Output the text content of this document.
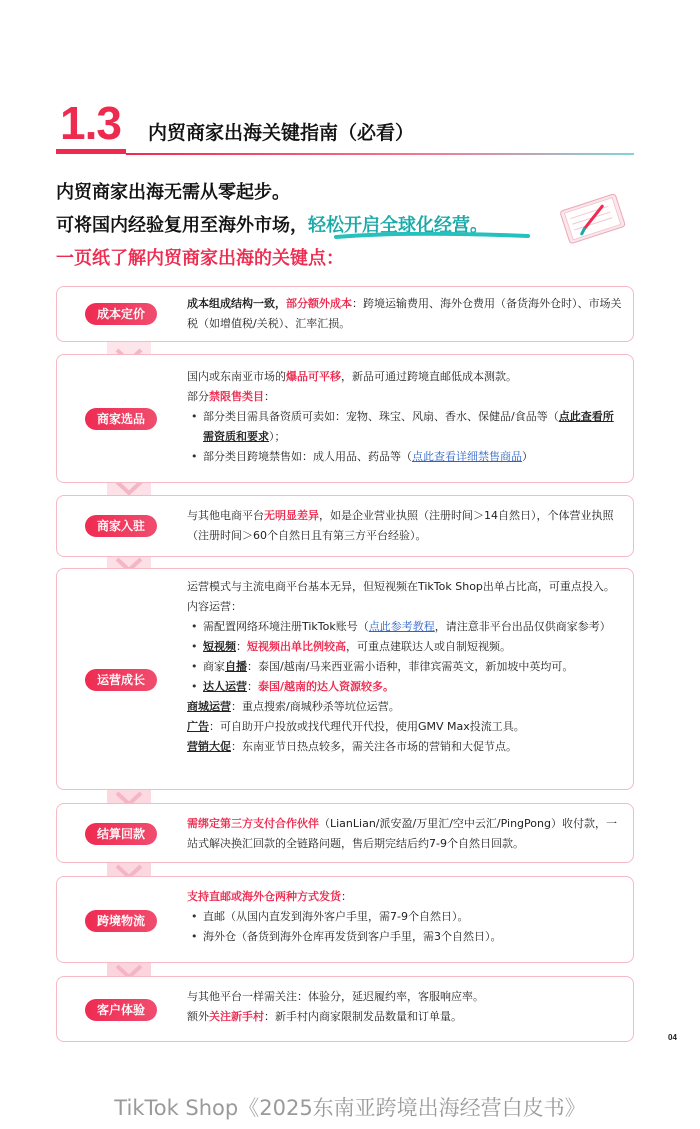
1.3 内贸商家出海关键指南（必看）
内贸商家出海无需从零起步。
可将国内经验复用至海外市场，轻松开启全球化经营。
一页纸了解内贸商家出海的关键点：
成本定价

成本组成结构一致，部分额外成本：跨境运输费用、海外仓费用（备货海外仓时）、市场关税（如增值税/关税）、汇率汇损。

商家选品

国内或东南亚市场的爆品可平移，新品可通过跨境直邮低成本测款。

部分禁限售类目：

• 部分类目需具备资质可卖如：宠物、珠宝、风扇、香水、保健品/食品等（点此查看所需资质和要求）；

• 部分类目跨境禁售如：成人用品、药品等（点此查看详细禁售商品）

商家入驻

与其他电商平台无明显差异，如是企业营业执照（注册时间＞14自然日），个体营业执照（注册时间＞60个自然日且有第三方平台经验）。

运营成长

运营模式与主流电商平台基本无异，但短视频在TikTok Shop出单占比高，可重点投入。

内容运营：

• 需配置网络环境注册TikTok账号（点此参考教程，请注意非平台出品仅供商家参考）

• 短视频：短视频出单比例较高，可重点建联达人或自制短视频。

• 商家自播：泰国/越南/马来西亚需小语种，菲律宾需英文，新加坡中英均可。

• 达人运营：泰国/越南的达人资源较多。

商城运营：重点搜索/商城秒杀等坑位运营。

广告：可自助开户投放或找代理代开代投，使用GMV Max投流工具。

营销大促：东南亚节日热点较多，需关注各市场的营销和大促节点。

结算回款

需绑定第三方支付合作伙伴（LianLian/派安盈/万里汇/空中云汇/PingPong）收付款，一站式解决换汇回款的全链路问题，售后期完结后约7-9个自然日回款。

跨境物流

支持直邮或海外仓两种方式发货：

• 直邮（从国内直发到海外客户手里，需7-9个自然日）。

• 海外仓（备货到海外仓库再发货到客户手里，需3个自然日）。

客户体验

与其他平台一样需关注：体验分，延迟履约率，客服响应率。

额外关注新手村：新手村内商家限制发品数量和订单量。

04
TikTok Shop《2025东南亚跨境出海经营白皮书》
